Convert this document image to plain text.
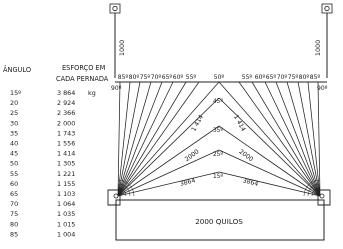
ÂNGULO	ESFORÇO EM
CADA PERNADA
15º	3 864
20	2 924
25	2 366
30	2 000
35	1 743
40	1 556
45	1 414
50	1 305
55	1 221
60	1 155
65	1 103
70	1 064
75	1 035
80	1 015
85	1 004
kg
1000	1000
85º 80º 75º 70º 65º 60º 55º	50º	55º 60º 65º 70º 75º 80º 85º
90º	90º
45º
35º
25º
15º
1 414	1 414
2000	2000
3864	3864
2000 QUILOS
